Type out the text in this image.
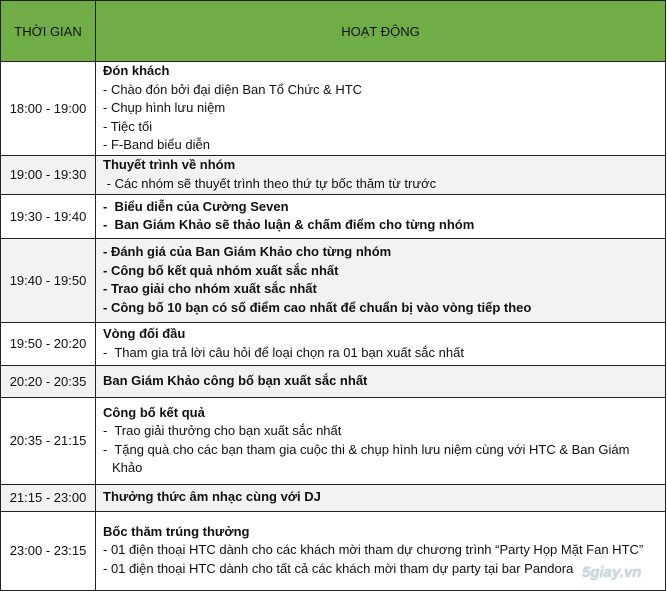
THỜI GIAN	HOẠT ĐỘNG
18:00 - 19:00	Đón khách
- Chào đón bởi đại diện Ban Tổ Chức & HTC
- Chụp hình lưu niệm
- Tiệc tối
- F-Band biểu diễn

19:00 - 19:30	Thuyết trình về nhóm
- Các nhóm sẽ thuyết trình theo thứ tự bốc thăm từ trước

19:30 - 19:40	-  Biểu diễn của Cường Seven
-  Ban Giám Khảo sẽ thảo luận & chấm điểm cho từng nhóm

19:40 - 19:50	- Đánh giá của Ban Giám Khảo cho từng nhóm
- Công bố kết quả nhóm xuất sắc nhất
- Trao giải cho nhóm xuất sắc nhất
- Công bố 10 bạn có số điểm cao nhất để chuẩn bị vào vòng tiếp theo

19:50 - 20:20	Vòng đối đầu
-  Tham gia trả lời câu hỏi để loại chọn ra 01 bạn xuất sắc nhất

20:20 - 20:35	Ban Giám Khảo công bố bạn xuất sắc nhất

20:35 - 21:15	Công bố kết quả
-  Trao giải thưởng cho bạn xuất sắc nhất
-  Tặng quà cho các bạn tham gia cuộc thi & chụp hình lưu niệm cùng với HTC & Ban Giám Khảo

21:15 - 23:00	Thưởng thức âm nhạc cùng với DJ

23:00 - 23:15	Bốc thăm trúng thưởng
- 01 điện thoại HTC dành cho các khách mời tham dự chương trình “Party Họp Mặt Fan HTC”
- 01 điện thoại HTC dành cho tất cả các khách mời tham dự party tại bar Pandora 5giay.vn
